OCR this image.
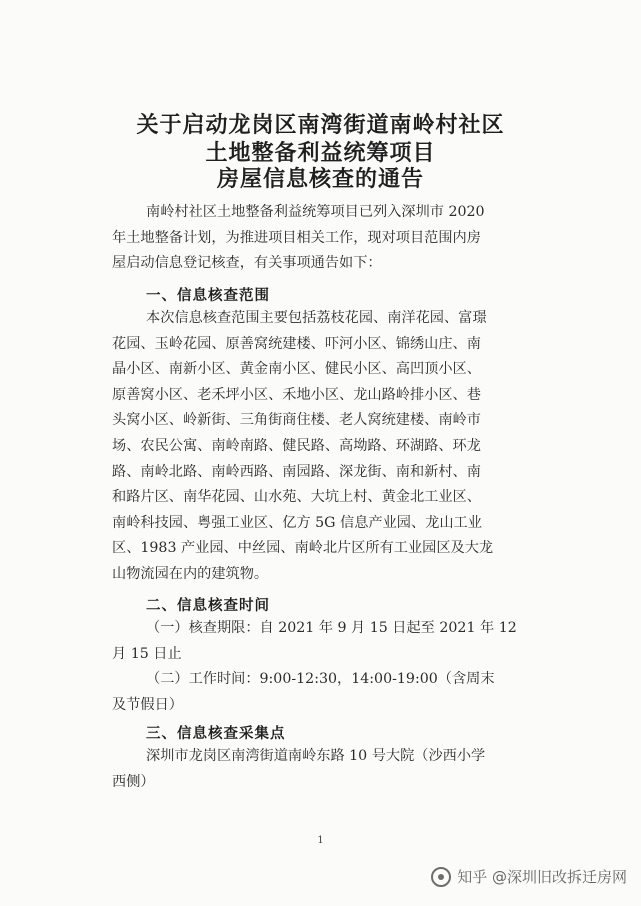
关于启动龙岗区南湾街道南岭村社区
土地整备利益统筹项目
房屋信息核查的通告
南岭村社区土地整备利益统筹项目已列入深圳市 2020
年土地整备计划，为推进项目相关工作，现对项目范围内房
屋启动信息登记核查，有关事项通告如下：
一、信息核查范围
本次信息核查范围主要包括荔枝花园、南洋花园、富璟
花园、玉岭花园、原善窝统建楼、吓河小区、锦绣山庄、南
晶小区、南新小区、黄金南小区、健民小区、高凹顶小区、
原善窝小区、老禾坪小区、禾地小区、龙山路岭排小区、巷
头窝小区、岭新街、三角街商住楼、老人窝统建楼、南岭市
场、农民公寓、南岭南路、健民路、高坳路、环湖路、环龙
路、南岭北路、南岭西路、南园路、深龙街、南和新村、南
和路片区、南华花园、山水苑、大坑上村、黄金北工业区、
南岭科技园、粤强工业区、亿方 5G 信息产业园、龙山工业
区、1983 产业园、中丝园、南岭北片区所有工业园区及大龙
山物流园在内的建筑物。
二、信息核查时间
（一）核查期限：自 2021 年 9 月 15 日起至 2021 年 12
月 15 日止
（二）工作时间：9:00-12:30，14:00-19:00（含周末
及节假日）
三、信息核查采集点
深圳市龙岗区南湾街道南岭东路 10 号大院（沙西小学
西侧）
1
知乎 @深圳旧改拆迁房网
